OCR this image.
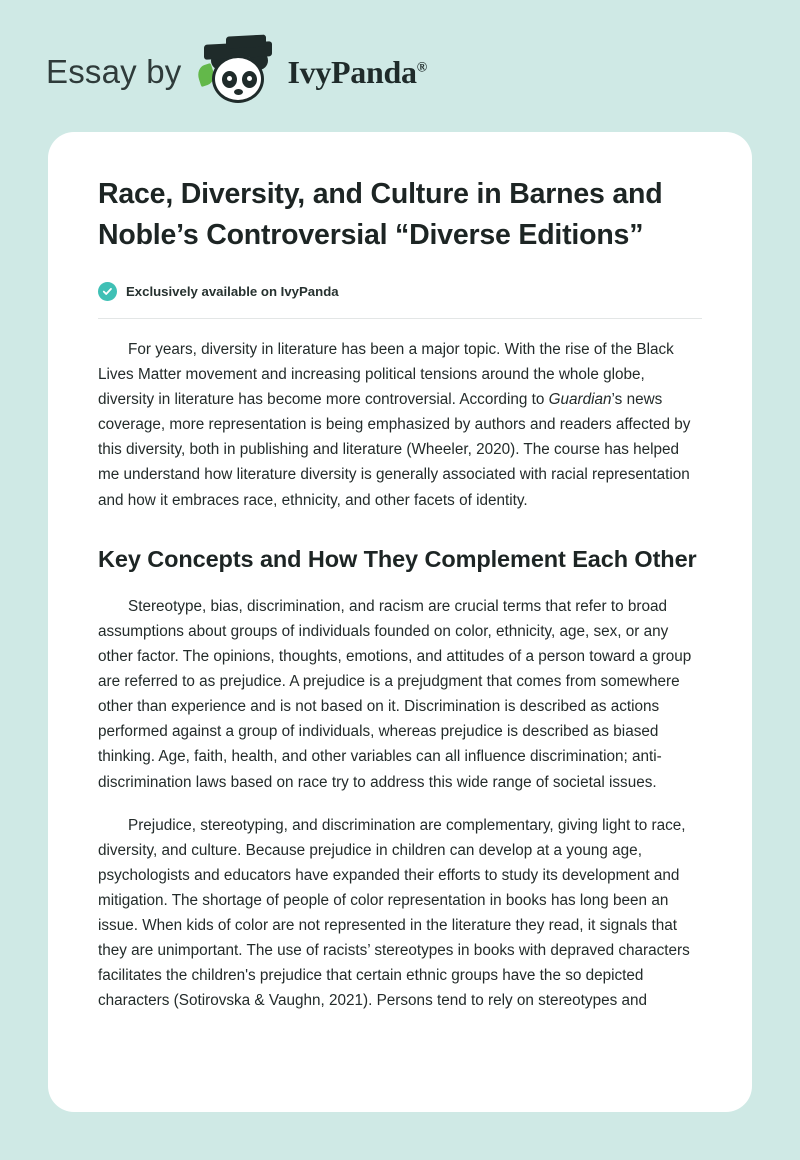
Essay by	IvyPanda®
Race, Diversity, and Culture in Barnes and Noble’s Controversial “Diverse Editions”
Exclusively available on IvyPanda

For years, diversity in literature has been a major topic. With the rise of the Black Lives Matter movement and increasing political tensions around the whole globe, diversity in literature has become more controversial. According to Guardian’s news coverage, more representation is being emphasized by authors and readers affected by this diversity, both in publishing and literature (Wheeler, 2020). The course has helped me understand how literature diversity is generally associated with racial representation and how it embraces race, ethnicity, and other facets of identity.

Key Concepts and How They Complement Each Other

Stereotype, bias, discrimination, and racism are crucial terms that refer to broad assumptions about groups of individuals founded on color, ethnicity, age, sex, or any other factor. The opinions, thoughts, emotions, and attitudes of a person toward a group are referred to as prejudice. A prejudice is a prejudgment that comes from somewhere other than experience and is not based on it. Discrimination is described as actions performed against a group of individuals, whereas prejudice is described as biased thinking. Age, faith, health, and other variables can all influence discrimination; anti-discrimination laws based on race try to address this wide range of societal issues.

Prejudice, stereotyping, and discrimination are complementary, giving light to race, diversity, and culture. Because prejudice in children can develop at a young age, psychologists and educators have expanded their efforts to study its development and mitigation. The shortage of people of color representation in books has long been an issue. When kids of color are not represented in the literature they read, it signals that they are unimportant. The use of racists’ stereotypes in books with depraved characters facilitates the children's prejudice that certain ethnic groups have the so depicted characters (Sotirovska & Vaughn, 2021). Persons tend to rely on stereotypes and
